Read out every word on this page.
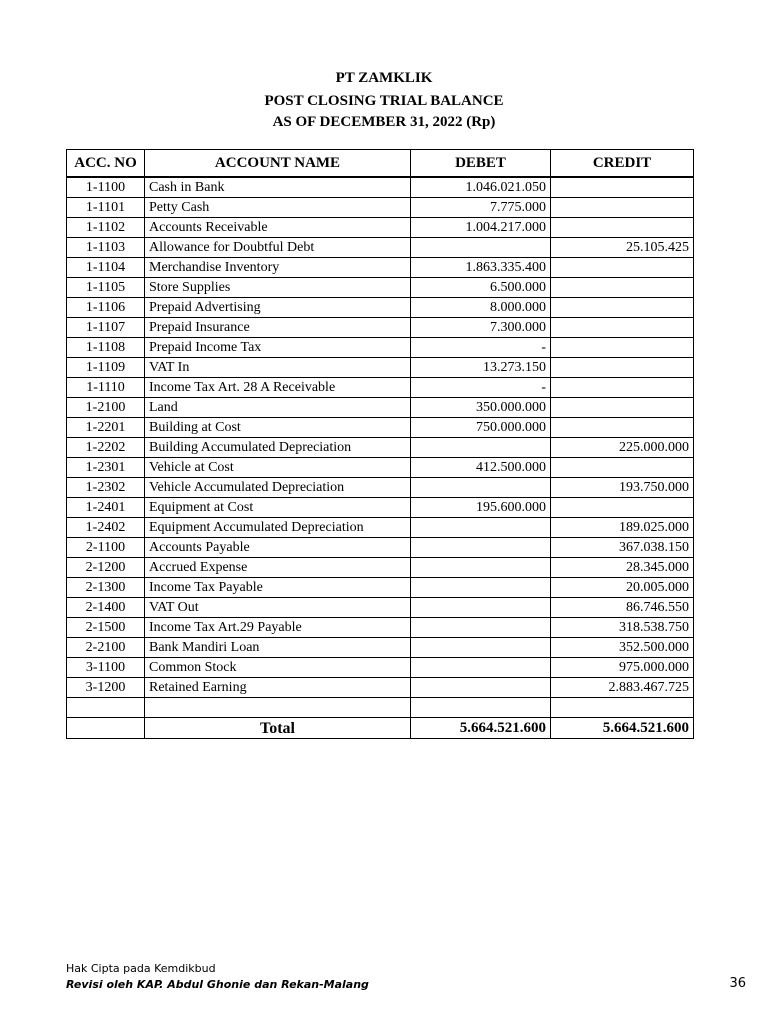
PT ZAMKLIK
POST CLOSING TRIAL BALANCE
AS OF DECEMBER 31, 2022 (Rp)
ACC. NO	ACCOUNT NAME	DEBET	CREDIT
1-1100	Cash in Bank	1.046.021.050	
1-1101	Petty Cash	7.775.000	
1-1102	Accounts Receivable	1.004.217.000	
1-1103	Allowance for Doubtful Debt		25.105.425
1-1104	Merchandise Inventory	1.863.335.400	
1-1105	Store Supplies	6.500.000	
1-1106	Prepaid Advertising	8.000.000	
1-1107	Prepaid Insurance	7.300.000	
1-1108	Prepaid Income Tax	-	
1-1109	VAT In	13.273.150	
1-1110	Income Tax Art. 28 A Receivable	-	
1-2100	Land	350.000.000	
1-2201	Building at Cost	750.000.000	
1-2202	Building Accumulated Depreciation		225.000.000
1-2301	Vehicle at Cost	412.500.000	
1-2302	Vehicle Accumulated Depreciation		193.750.000
1-2401	Equipment at Cost	195.600.000	
1-2402	Equipment Accumulated Depreciation		189.025.000
2-1100	Accounts Payable		367.038.150
2-1200	Accrued Expense		28.345.000
2-1300	Income Tax Payable		20.005.000
2-1400	VAT Out		86.746.550
2-1500	Income Tax Art.29 Payable		318.538.750
2-2100	Bank Mandiri Loan		352.500.000
3-1100	Common Stock		975.000.000
3-1200	Retained Earning		2.883.467.725

	Total	5.664.521.600	5.664.521.600
Hak Cipta pada Kemdikbud
Revisi oleh KAP. Abdul Ghonie dan Rekan-Malang	36
